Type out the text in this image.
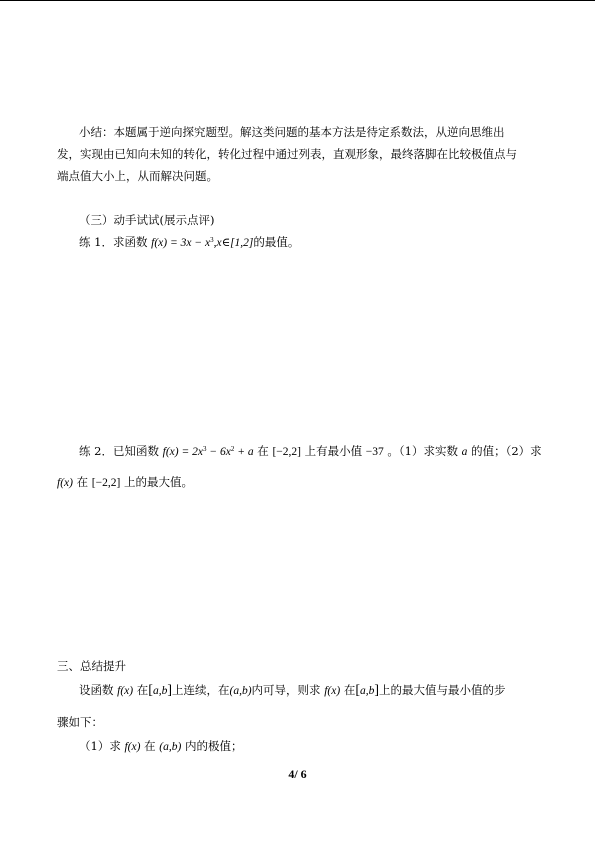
小结：本题属于逆向探究题型。解这类问题的基本方法是待定系数法，从逆向思维出
发，实现由已知向未知的转化，转化过程中通过列表，直观形象，最终落脚在比较极值点与
端点值大小上，从而解决问题。
（三）动手试试(展示点评)
练 1．求函数 $f(x) = 3x - x^3,x\in[1,2]$的最值。
练 2．已知函数 $f(x) = 2x^3 - 6x^2 + a$ 在 [−2,2] 上有最小值 −37 。（1）求实数 a 的值；（2）求
f(x) 在 [−2,2] 上的最大值。
三、总结提升
设函数 f(x) 在[a,b]上连续，在(a,b)内可导，则求 f(x) 在[a,b]上的最大值与最小值的步
骤如下：
（1）求 f(x) 在 (a,b) 内的极值；
4/ 6
